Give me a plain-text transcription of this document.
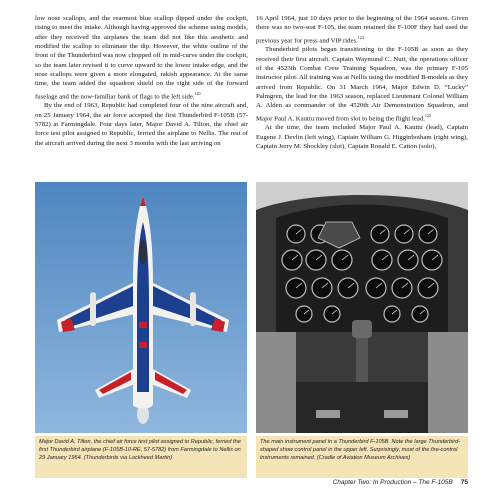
low nose scallops, and the rearmost blue scallop dipped under the cockpit, rising to meet the intake. Although having approved the scheme using models, after they received the airplanes the team did not like this aesthetic and modified the scallop to eliminate the dip. However, the white outline of the front of the Thunderbird was now chopped off in mid-curve under the cockpit, so the team later revised it to curve upward to the lower intake edge, and the nose scallops were given a more elongated, rakish appearance. At the same time, the team added the squadron shield on the right side of the forward fuselage and the now-familiar bank of flags to the left side.$^{120}$

By the end of 1963, Republic had completed four of the nine aircraft and, on 25 January 1964, the air force accepted the first Thunderbird F-105B (57-5782) at Farmingdale. Four days later, Major David A. Tilton, the chief air force test pilot assigned to Republic, ferried the airplane to Nellis. The rest of the aircraft arrived during the next 3 months with the last arriving on

16 April 1964, just 10 days prior to the beginning of the 1964 season. Given there was no two-seat F-105, the team retained the F-100F they had used the previous year for press and VIP rides.$^{124}$

Thunderbird pilots began transitioning to the F-105B as soon as they received their first aircraft. Captain Waymund C. Nutt, the operations officer of the 4523th Combat Crew Training Squadron, was the primary F-105 instructor pilot. All training was at Nellis using the modified B-models as they arrived from Republic. On 31 March 1964, Major Edwin D. “Lucky” Palmgren, the lead for the 1963 season, replaced Lieutenant Colonel William A. Alden as commander of the 4520th Air Demonstration Squadron, and Major Paul A. Kauttu moved from slot to being the flight lead.$^{125}$

At the time, the team included Major Paul A. Kauttu (lead), Captain Eugene J. Devlin (left wing), Captain William G. Higginbotham (right wing), Captain Jerry M. Shockley (slot), Captain Ronald E. Catton (solo),

Major David A. Tilton, the chief air force test pilot assigned to Republic, ferried the first Thunderbird airplane (F-105B-10-RE, 57-5782) from Farmingdale to Nellis on 29 January 1964. (Thunderbirds via Lockheed Martin)
The main instrument panel in a Thunderbird F-105B. Note the large Thunderbird-shaped show control panel in the upper left. Surprisingly, most of the fire-control instruments remained. (Cradle of Aviation Museum Archives)
Chapter Two: In Production – The F-105B 75
